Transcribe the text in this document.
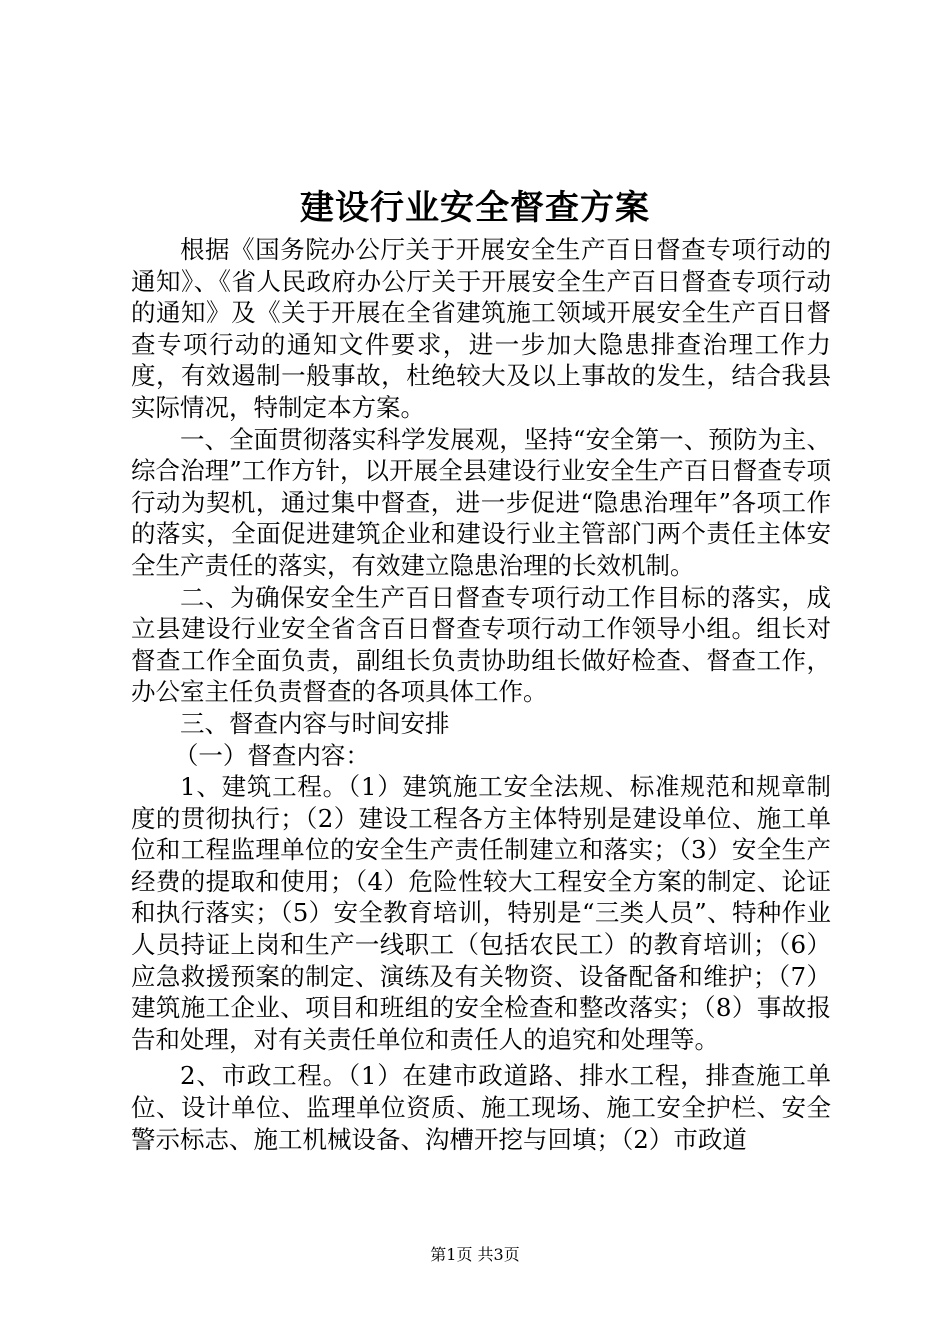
建设行业安全督查方案

根据《国务院办公厅关于开展安全生产百日督查专项行动的通知》、《省人民政府办公厅关于开展安全生产百日督查专项行动的通知》及《关于开展在全省建筑施工领域开展安全生产百日督查专项行动的通知文件要求，进一步加大隐患排查治理工作力度，有效遏制一般事故，杜绝较大及以上事故的发生，结合我县实际情况，特制定本方案。

一、全面贯彻落实科学发展观，坚持“安全第一、预防为主、综合治理”工作方针，以开展全县建设行业安全生产百日督查专项行动为契机，通过集中督查，进一步促进“隐患治理年”各项工作的落实，全面促进建筑企业和建设行业主管部门两个责任主体安全生产责任的落实，有效建立隐患治理的长效机制。

二、为确保安全生产百日督查专项行动工作目标的落实，成立县建设行业安全省含百日督查专项行动工作领导小组。组长对督查工作全面负责，副组长负责协助组长做好检查、督查工作，办公室主任负责督查的各项具体工作。

三、督查内容与时间安排

（一）督查内容：

1、建筑工程。（1）建筑施工安全法规、标准规范和规章制度的贯彻执行；（2）建设工程各方主体特别是建设单位、施工单位和工程监理单位的安全生产责任制建立和落实；（3）安全生产经费的提取和使用；（4）危险性较大工程安全方案的制定、论证和执行落实；（5）安全教育培训，特别是“三类人员”、特种作业人员持证上岗和生产一线职工（包括农民工）的教育培训；（6）应急救援预案的制定、演练及有关物资、设备配备和维护；（7）建筑施工企业、项目和班组的安全检查和整改落实；（8）事故报告和处理，对有关责任单位和责任人的追究和处理等。

2、市政工程。（1）在建市政道路、排水工程，排查施工单位、设计单位、监理单位资质、施工现场、施工安全护栏、安全警示标志、施工机械设备、沟槽开挖与回填；（2）市政道

第1页 共3页
